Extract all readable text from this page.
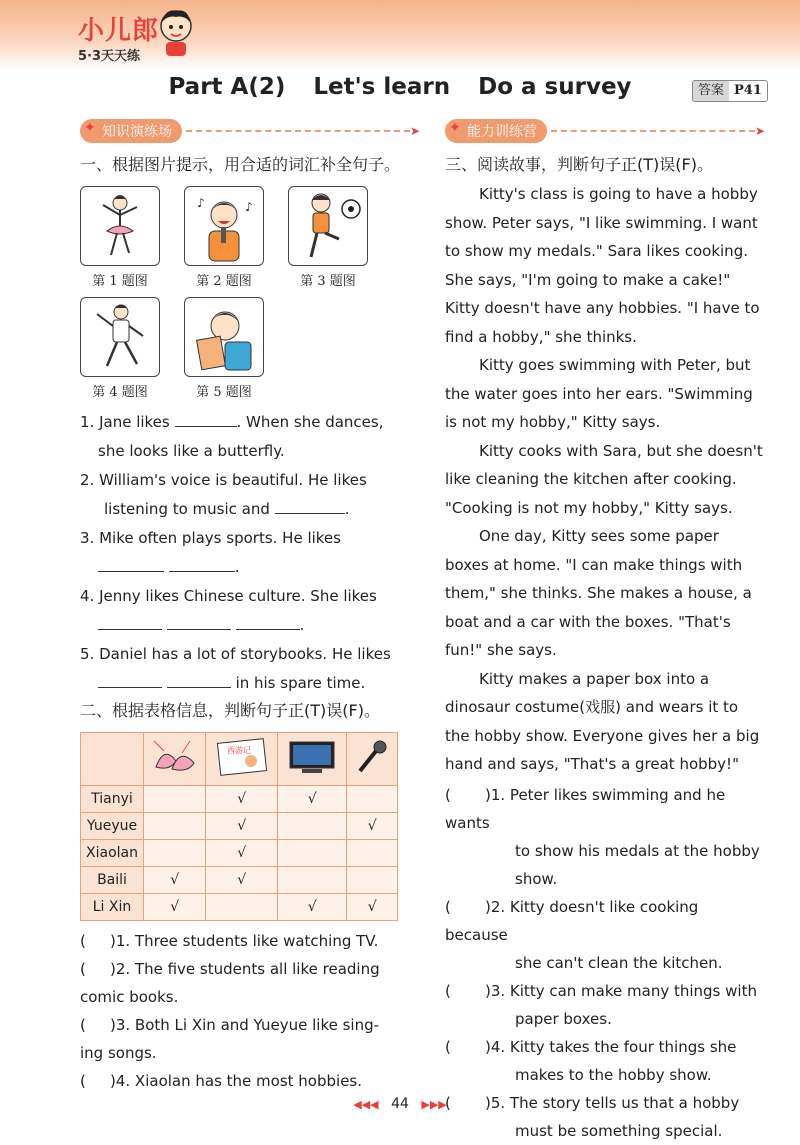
小儿郎
5·3天天练
Part A(2) Let's learn Do a survey	答案 P41
✦ 知识演练场	➤
一、根据图片提示，用合适的词汇补全句子。
第 1 题图
♪	♪
第 2 题图	第 3 题图
第 4 题图	第 5 题图
1. Jane likes	. When she dances,
she looks like a butterfly.
2. William's voice is beautiful. He likes
listening to music and	.
3. Mike often plays sports. He likes
.
4. Jenny likes Chinese culture. She likes
.
5. Daniel has a lot of storybooks. He likes
in his spare time.
二、根据表格信息，判断句子正(T)误(F)。

西游记

Tianyi		√	√	
Yueyue		√		√
Xiaolan		√		
Baili	√	√		
Li Xin	√		√	√
( )1. Three students like watching TV.
( )2. The five students all like reading
comic books.
( )3. Both Li Xin and Yueyue like sing-
ing songs.
( )4. Xiaolan has the most hobbies.
✦ 能力训练营	➤
三、阅读故事，判断句子正(T)误(F)。

Kitty's class is going to have a hobby show. Peter says, "I like swimming. I want to show my medals." Sara likes cooking. She says, "I'm going to make a cake!" Kitty doesn't have any hobbies. "I have to find a hobby," she thinks.

Kitty goes swimming with Peter, but the water goes into her ears. "Swimming is not my hobby," Kitty says.

Kitty cooks with Sara, but she doesn't like cleaning the kitchen after cooking. "Cooking is not my hobby," Kitty says.

One day, Kitty sees some paper boxes at home. "I can make things with them," she thinks. She makes a house, a boat and a car with the boxes. "That's fun!" she says.

Kitty makes a paper box into a dinosaur costume(戏服) and wears it to the hobby show. Everyone gives her a big hand and says, "That's a great hobby!"

( )1. Peter likes swimming and he wants
to show his medals at the hobby
show.
( )2. Kitty doesn't like cooking because
she can't clean the kitchen.
( )3. Kitty can make many things with
paper boxes.
( )4. Kitty takes the four things she
makes to the hobby show.
( )5. The story tells us that a hobby
must be something special.
◀◀◀ 44 ▶▶▶
